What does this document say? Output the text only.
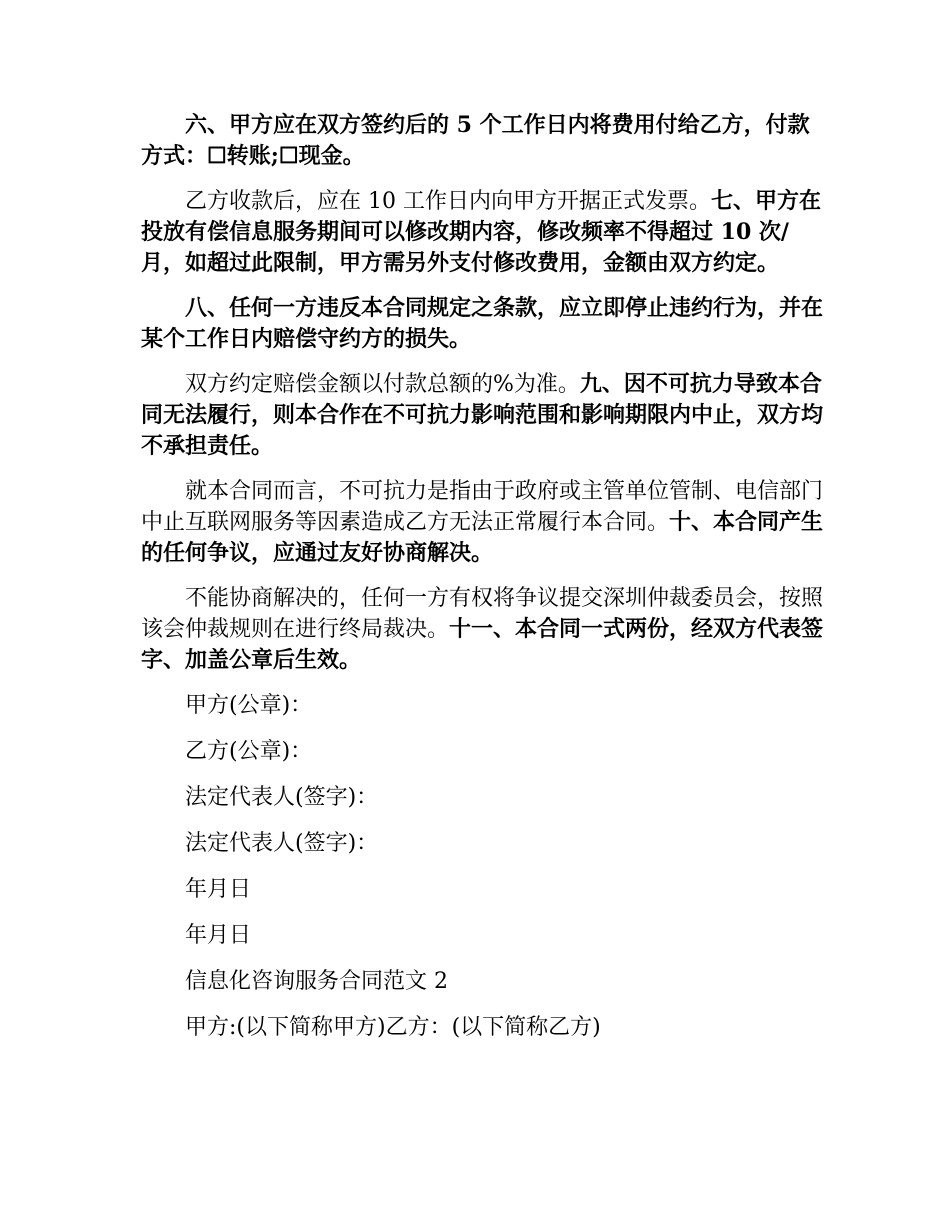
六、甲方应在双方签约后的 5 个工作日内将费用付给乙方，付款方式：☐转账;☐现金。

乙方收款后，应在 10 工作日内向甲方开据正式发票。七、甲方在投放有偿信息服务期间可以修改期内容，修改频率不得超过 10 次/月，如超过此限制，甲方需另外支付修改费用，金额由双方约定。

八、任何一方违反本合同规定之条款，应立即停止违约行为，并在某个工作日内赔偿守约方的损失。

双方约定赔偿金额以付款总额的%为准。九、因不可抗力导致本合同无法履行，则本合作在不可抗力影响范围和影响期限内中止，双方均不承担责任。

就本合同而言，不可抗力是指由于政府或主管单位管制、电信部门中止互联网服务等因素造成乙方无法正常履行本合同。十、本合同产生的任何争议，应通过友好协商解决。

不能协商解决的，任何一方有权将争议提交深圳仲裁委员会，按照该会仲裁规则在进行终局裁决。十一、本合同一式两份，经双方代表签字、加盖公章后生效。

甲方(公章)：
乙方(公章)：
法定代表人(签字)：
法定代表人(签字)：
年月日
年月日
信息化咨询服务合同范文 2
甲方:(以下简称甲方)乙方：(以下简称乙方)
